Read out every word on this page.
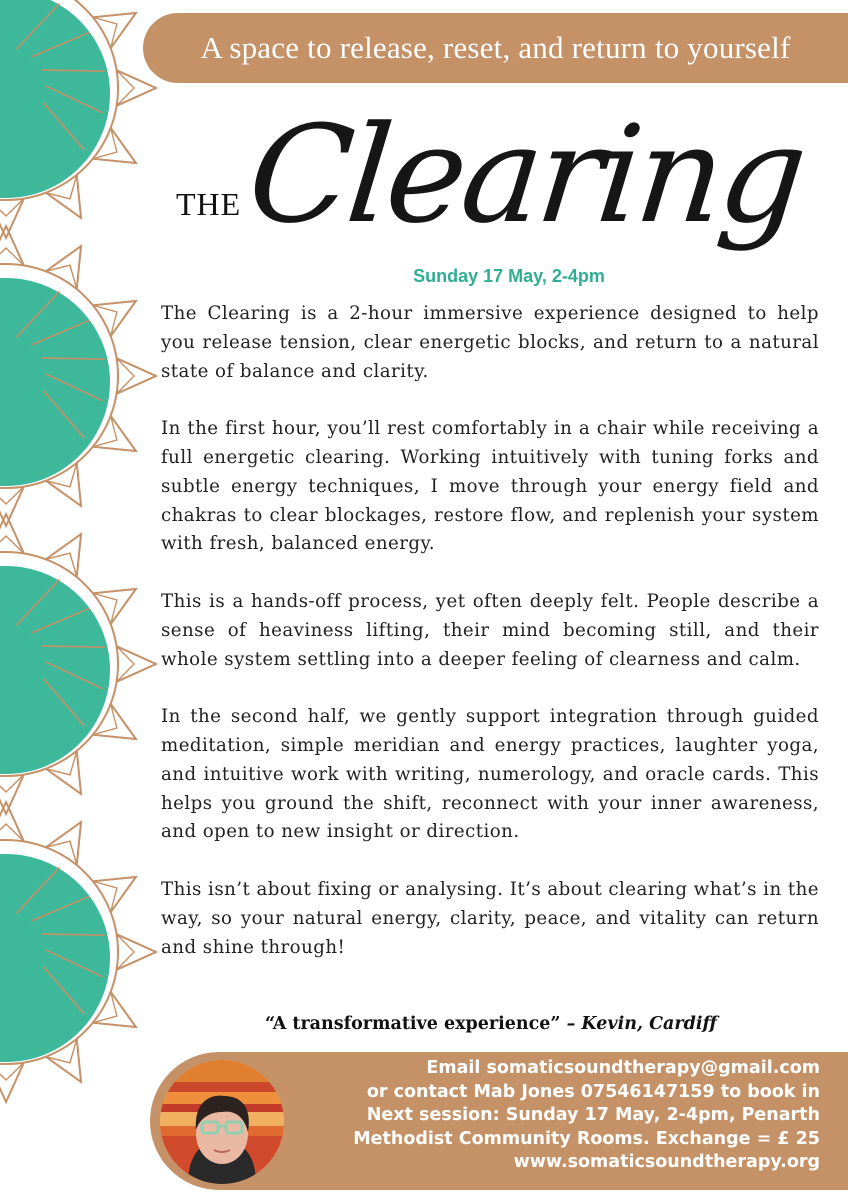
A space to release, reset, and return to yourself
THE Clearing
Sunday 17 May, 2-4pm

The Clearing is a 2-hour immersive experience designed to help you release tension, clear energetic blocks, and return to a natural state of balance and clarity.

In the first hour, you’ll rest comfortably in a chair while receiving a full energetic clearing. Working intuitively with tuning forks and subtle energy techniques, I move through your energy field and chakras to clear blockages, restore flow, and replenish your system with fresh, balanced energy.

This is a hands-off process, yet often deeply felt. People describe a sense of heaviness lifting, their mind becoming still, and their whole system settling into a deeper feeling of clearness and calm.

In the second half, we gently support integration through guided meditation, simple meridian and energy practices, laughter yoga, and intuitive work with writing, numerology, and oracle cards. This helps you ground the shift, reconnect with your inner awareness, and open to new insight or direction.

This isn’t about fixing or analysing. It’s about clearing what’s in the way, so your natural energy, clarity, peace, and vitality can return and shine through!

“A transformative experience” – Kevin, Cardiff
Email somaticsoundtherapy@gmail.com
or contact Mab Jones 07546147159 to book in
Next session: Sunday 17 May, 2-4pm, Penarth
Methodist Community Rooms. Exchange = £ 25
www.somaticsoundtherapy.org
